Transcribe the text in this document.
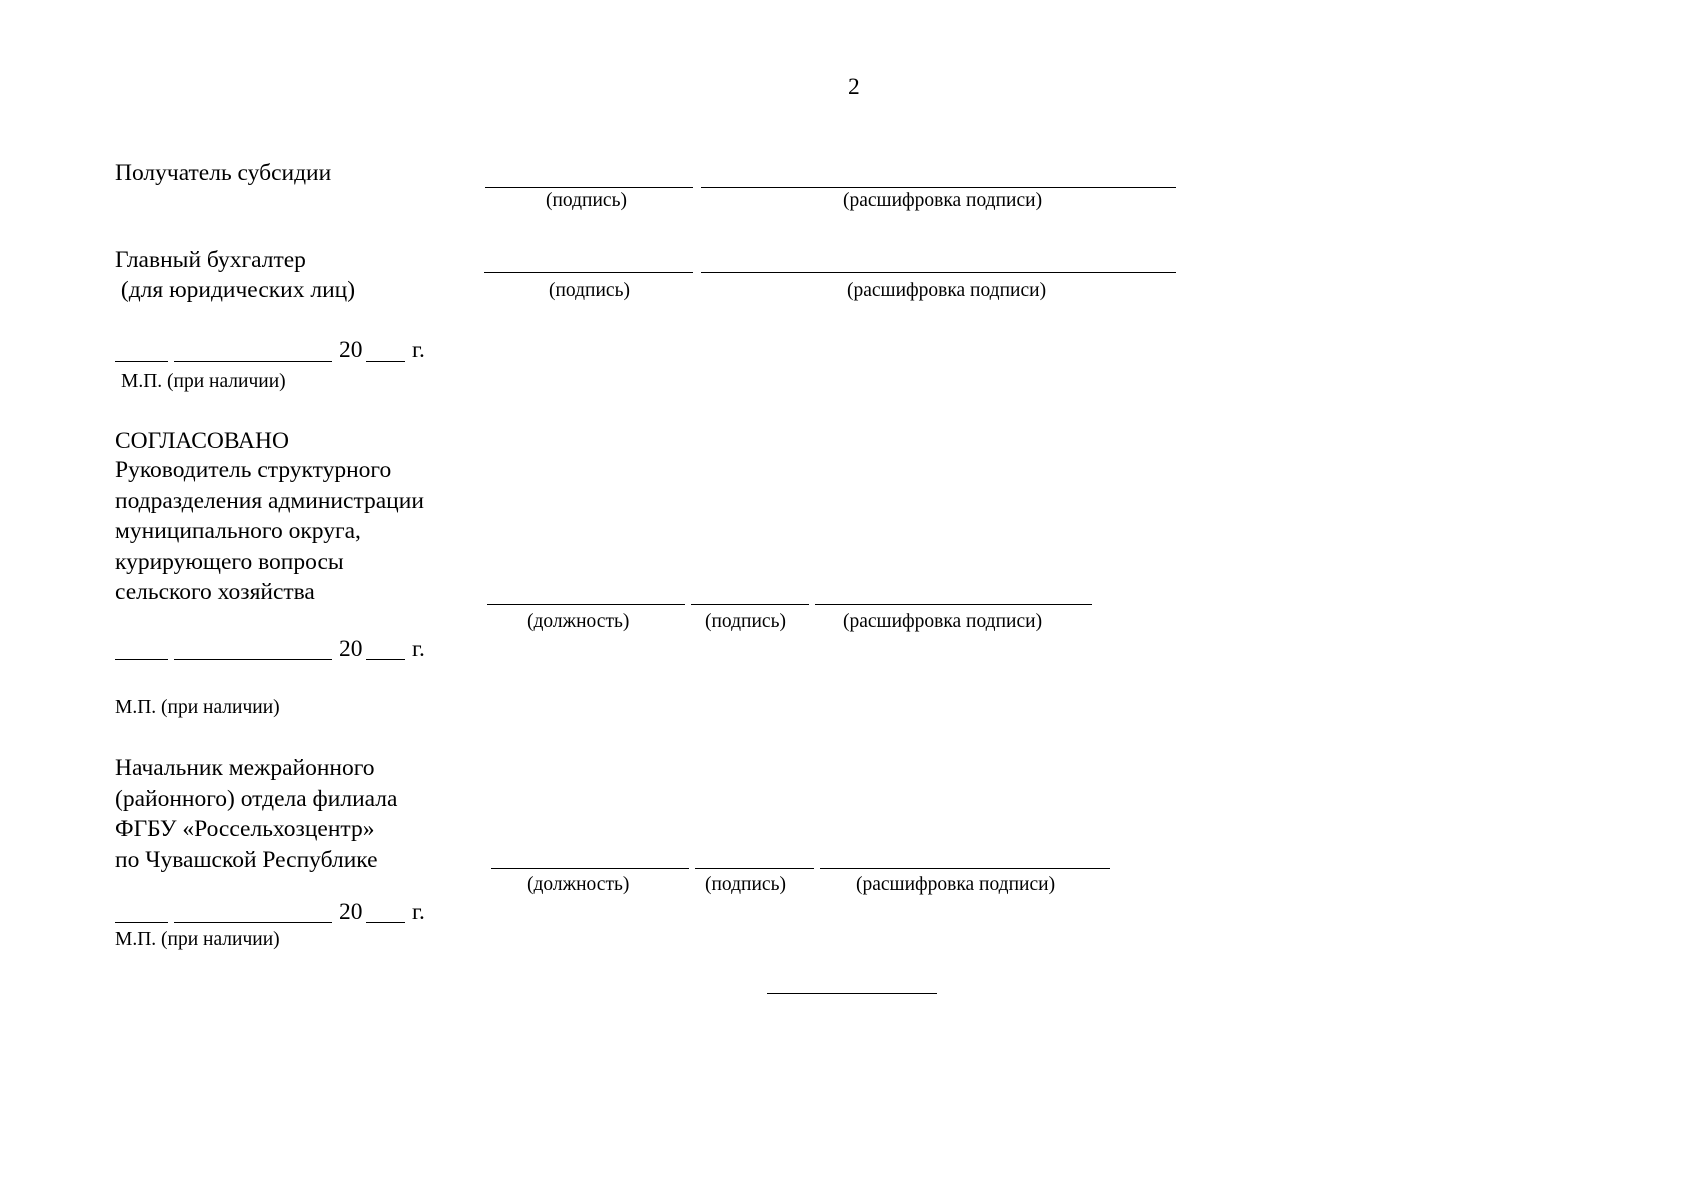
2
Получатель субсидии
(подпись)	(расшифровка подписи)
Главный бухгалтер
(для юридических лиц)	(подпись)	(расшифровка подписи)
20 г.
М.П. (при наличии)
СОГЛАСОВАНО
Руководитель структурного
подразделения администрации
муниципального округа,
курирующего вопросы
сельского хозяйства
(должность)	(подпись)	(расшифровка подписи)
20 г.
М.П. (при наличии)
Начальник межрайонного
(районного) отдела филиала
ФГБУ «Россельхозцентр»
по Чувашской Республике
(должность)	(подпись)	(расшифровка подписи)
20 г.
М.П. (при наличии)
